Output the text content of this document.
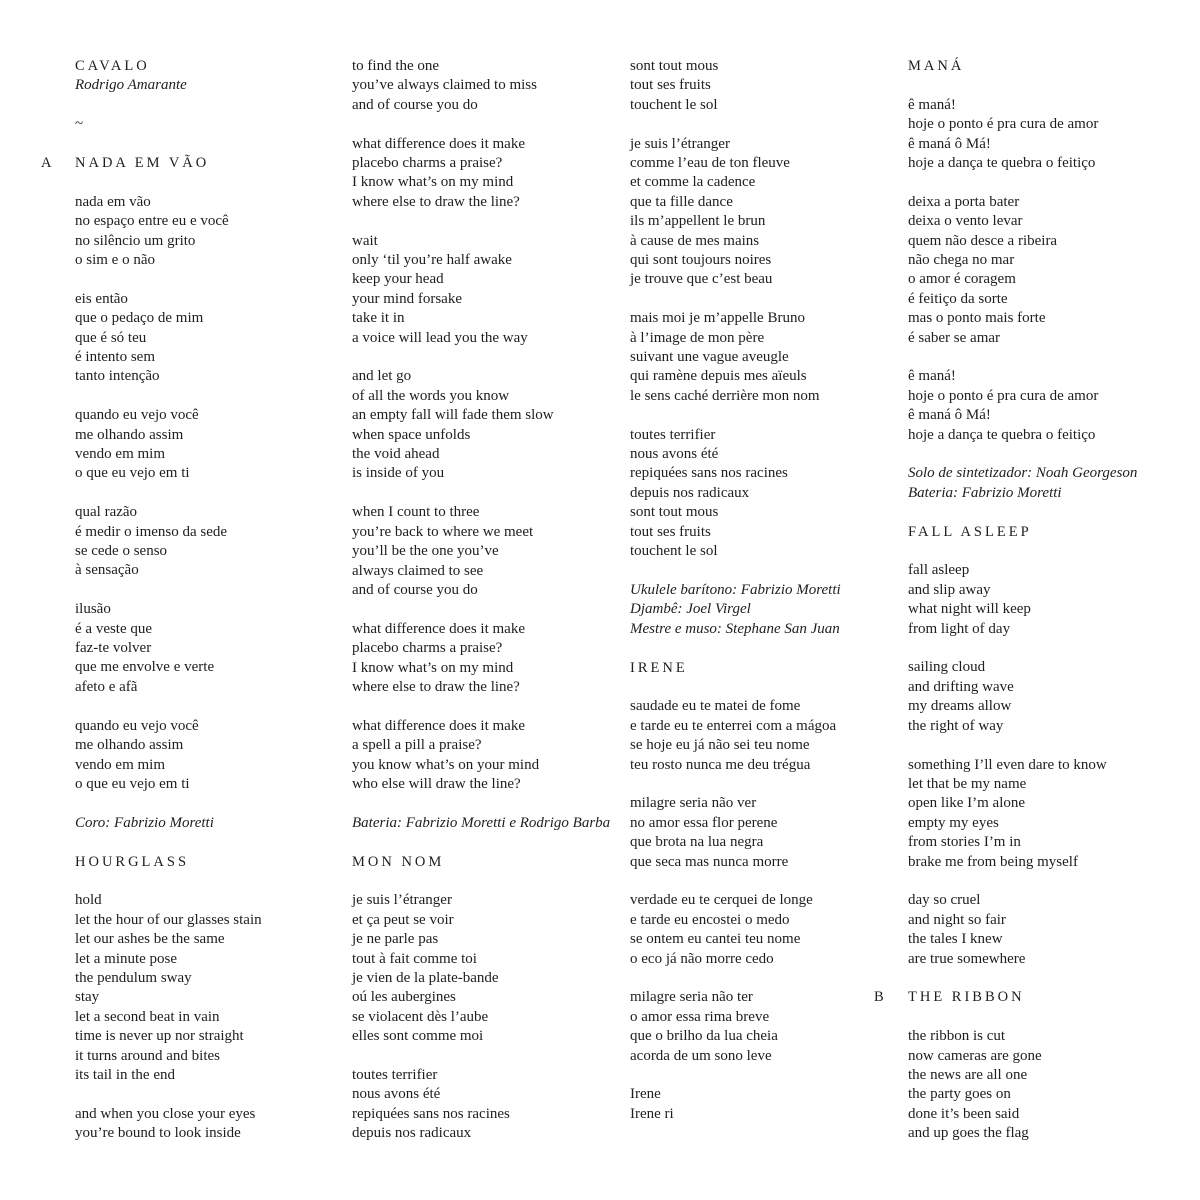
CAVALO
Rodrigo Amarante
~
A NADA EM VÃO
nada em vão
no espaço entre eu e você
no silêncio um grito
o sim e o não
eis então
que o pedaço de mim
que é só teu
é intento sem
tanto intenção
quando eu vejo você
me olhando assim
vendo em mim
o que eu vejo em ti
qual razão
é medir o imenso da sede
se cede o senso
à sensação
ilusão
é a veste que
faz-te volver
que me envolve e verte
afeto e afã
quando eu vejo você
me olhando assim
vendo em mim
o que eu vejo em ti
Coro: Fabrizio Moretti
HOURGLASS
hold
let the hour of our glasses stain
let our ashes be the same
let a minute pose
the pendulum sway
stay
let a second beat in vain
time is never up nor straight
it turns around and bites
its tail in the end
and when you close your eyes
you’re bound to look inside
to find the one
you’ve always claimed to miss
and of course you do
what difference does it make
placebo charms a praise?
I know what’s on my mind
where else to draw the line?
wait
only ‘til you’re half awake
keep your head
your mind forsake
take it in
a voice will lead you the way
and let go
of all the words you know
an empty fall will fade them slow
when space unfolds
the void ahead
is inside of you
when I count to three
you’re back to where we meet
you’ll be the one you’ve
always claimed to see
and of course you do
what difference does it make
placebo charms a praise?
I know what’s on my mind
where else to draw the line?
what difference does it make
a spell a pill a praise?
you know what’s on your mind
who else will draw the line?
Bateria: Fabrizio Moretti e Rodrigo Barba
MON NOM
je suis l’étranger
et ça peut se voir
je ne parle pas
tout à fait comme toi
je vien de la plate-bande
oú les aubergines
se violacent dès l’aube
elles sont comme moi
toutes terrifier
nous avons été
repiquées sans nos racines
depuis nos radicaux
sont tout mous
tout ses fruits
touchent le sol
je suis l’étranger
comme l’eau de ton fleuve
et comme la cadence
que ta fille dance
ils m’appellent le brun
à cause de mes mains
qui sont toujours noires
je trouve que c’est beau
mais moi je m’appelle Bruno
à l’image de mon père
suivant une vague aveugle
qui ramène depuis mes aïeuls
le sens caché derrière mon nom
toutes terrifier
nous avons été
repiquées sans nos racines
depuis nos radicaux
sont tout mous
tout ses fruits
touchent le sol
Ukulele barítono: Fabrizio Moretti
Djambê: Joel Virgel
Mestre e muso: Stephane San Juan
IRENE
saudade eu te matei de fome
e tarde eu te enterrei com a mágoa
se hoje eu já não sei teu nome
teu rosto nunca me deu trégua
milagre seria não ver
no amor essa flor perene
que brota na lua negra
que seca mas nunca morre
verdade eu te cerquei de longe
e tarde eu encostei o medo
se ontem eu cantei teu nome
o eco já não morre cedo
milagre seria não ter
o amor essa rima breve
que o brilho da lua cheia
acorda de um sono leve
Irene
Irene ri
MANÁ
ê maná!
hoje o ponto é pra cura de amor
ê maná ô Má!
hoje a dança te quebra o feitiço
deixa a porta bater
deixa o vento levar
quem não desce a ribeira
não chega no mar
o amor é coragem
é feitiço da sorte
mas o ponto mais forte
é saber se amar
ê maná!
hoje o ponto é pra cura de amor
ê maná ô Má!
hoje a dança te quebra o feitiço
Solo de sintetizador: Noah Georgeson
Bateria: Fabrizio Moretti
FALL ASLEEP
fall asleep
and slip away
what night will keep
from light of day
sailing cloud
and drifting wave
my dreams allow
the right of way
something I’ll even dare to know
let that be my name
open like I’m alone
empty my eyes
from stories I’m in
brake me from being myself
day so cruel
and night so fair
the tales I knew
are true somewhere
B THE RIBBON
the ribbon is cut
now cameras are gone
the news are all one
the party goes on
done it’s been said
and up goes the flag
